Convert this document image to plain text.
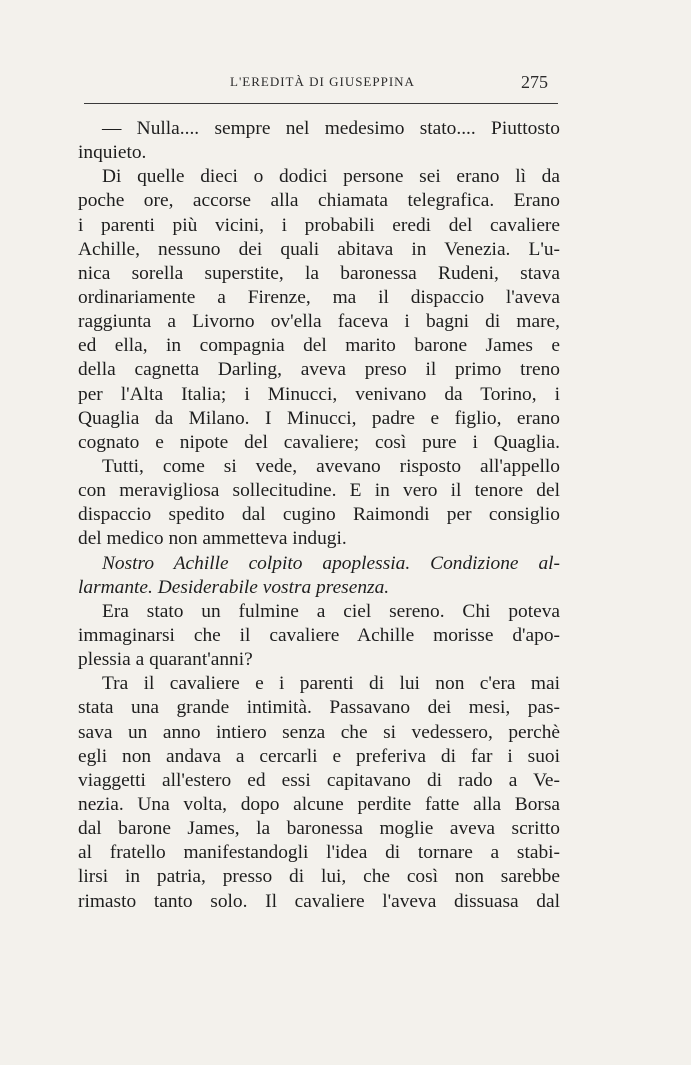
L'EREDITÀ DI GIUSEPPINA	275
— Nulla.... sempre nel medesimo stato.... Piuttosto
inquieto.
Di quelle dieci o dodici persone sei erano lì da
poche ore, accorse alla chiamata telegrafica. Erano
i parenti più vicini, i probabili eredi del cavaliere
Achille, nessuno dei quali abitava in Venezia. L'u-
nica sorella superstite, la baronessa Rudeni, stava
ordinariamente a Firenze, ma il dispaccio l'aveva
raggiunta a Livorno ov'ella faceva i bagni di mare,
ed ella, in compagnia del marito barone James e
della cagnetta Darling, aveva preso il primo treno
per l'Alta Italia; i Minucci, venivano da Torino, i
Quaglia da Milano. I Minucci, padre e figlio, erano
cognato e nipote del cavaliere; così pure i Quaglia.
Tutti, come si vede, avevano risposto all'appello
con meravigliosa sollecitudine. E in vero il tenore del
dispaccio spedito dal cugino Raimondi per consiglio
del medico non ammetteva indugi.
Nostro Achille colpito apoplessia. Condizione al-
larmante. Desiderabile vostra presenza.
Era stato un fulmine a ciel sereno. Chi poteva
immaginarsi che il cavaliere Achille morisse d'apo-
plessia a quarant'anni?
Tra il cavaliere e i parenti di lui non c'era mai
stata una grande intimità. Passavano dei mesi, pas-
sava un anno intiero senza che si vedessero, perchè
egli non andava a cercarli e preferiva di far i suoi
viaggetti all'estero ed essi capitavano di rado a Ve-
nezia. Una volta, dopo alcune perdite fatte alla Borsa
dal barone James, la baronessa moglie aveva scritto
al fratello manifestandogli l'idea di tornare a stabi-
lirsi in patria, presso di lui, che così non sarebbe
rimasto tanto solo. Il cavaliere l'aveva dissuasa dal
